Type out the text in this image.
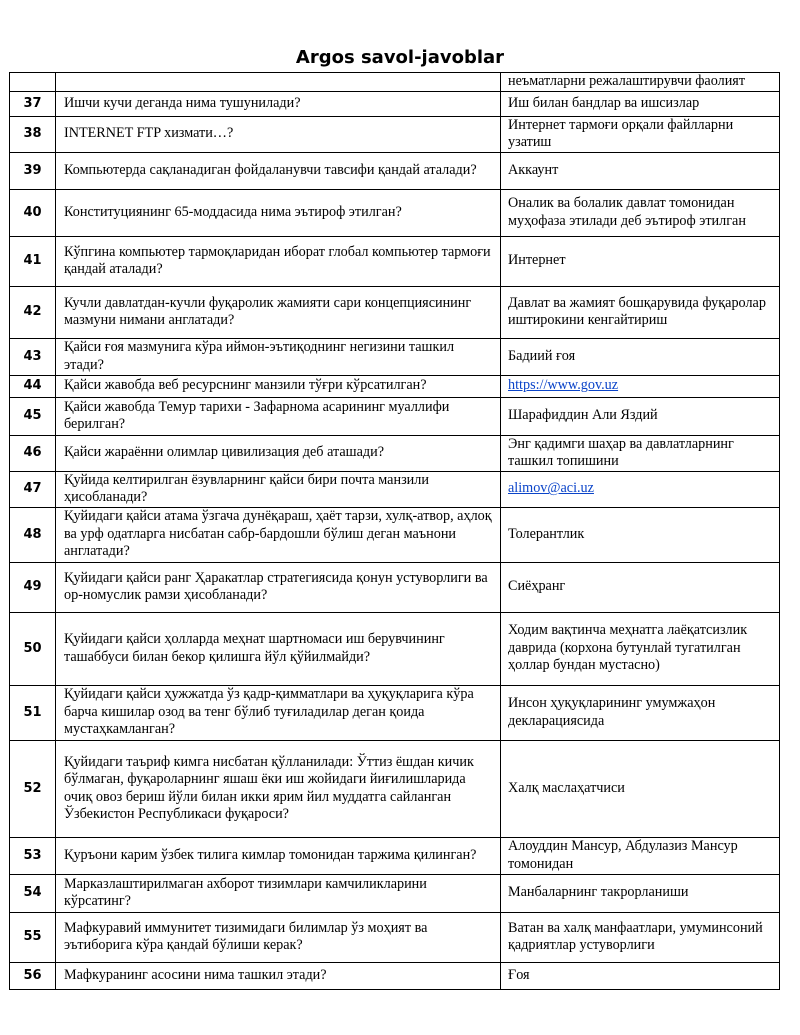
Argos savol-javoblar
		неъматларни режалаштирувчи фаолият
37	Ишчи кучи деганда нима тушунилади?	Иш билан бандлар ва ишсизлар
38	INTERNET FTP хизмати…?	Интернет тармоғи орқали файлларни узатиш
39	Компьютерда сақланадиган фойдаланувчи тавсифи қандай аталади?	Аккаунт
40	Конституциянинг 65-моддасида нима эътироф этилган?	Оналик ва болалик давлат томонидан муҳофаза этилади деб эътироф этилган
41	Кўпгина компьютер тармоқларидан иборат глобал компьютер тармоғи қандай аталади?	Интернет
42	Кучли давлатдан-кучли фуқаролик жамияти сари концепциясининг мазмуни нимани англатади?	Давлат ва жамият бошқарувида фуқаролар иштирокини кенгайтириш
43	Қайси ғоя мазмунига кўра иймон-эътиқоднинг негизини ташкил этади?	Бадиий ғоя
44	Қайси жавобда веб ресурснинг манзили тўғри кўрсатилган?	https://www.gov.uz
45	Қайси жавобда Темур тарихи - Зафарнома асарининг муаллифи берилган?	Шарафиддин Али Яздий
46	Қайси жараённи олимлар цивилизация деб аташади?	Энг қадимги шаҳар ва давлатларнинг ташкил топишини
47	Қуйида келтирилган ёзувларнинг қайси бири почта манзили ҳисобланади?	alimov@aci.uz
48	Қуйидаги қайси атама ўзгача дунёқараш, ҳаёт тарзи, хулқ-атвор, аҳлоқ ва урф одатларга нисбатан сабр-бардошли бўлиш деган маънони англатади?	Толерантлик
49	Қуйидаги қайси ранг Ҳаракатлар стратегиясида қонун устуворлиги ва ор-номуслик рамзи ҳисобланади?	Сиёҳранг
50	Қуйидаги қайси ҳолларда меҳнат шартномаси иш берувчининг ташаббуси билан бекор қилишга йўл қўйилмайди?	Ходим вақтинча меҳнатга лаёқатсизлик даврида (корхона бутунлай тугатилган ҳоллар бундан мустасно)
51	Қуйидаги қайси ҳужжатда ўз қадр-қимматлари ва ҳуқуқларига кўра барча кишилар озод ва тенг бўлиб туғиладилар деган қоида мустаҳкамланган?	Инсон ҳуқуқларининг умумжаҳон декларациясида
52	Қуйидаги таъриф кимга нисбатан қўлланилади: Ўттиз ёшдан кичик бўлмаган, фуқароларнинг яшаш ёки иш жойидаги йиғилишларида очиқ овоз бериш йўли билан икки ярим йил муддатга сайланган Ўзбекистон Республикаси фуқароси?	Халқ маслаҳатчиси
53	Қуръони карим ўзбек тилига кимлар томонидан таржима қилинган?	Алоуддин Мансур, Абдулазиз Мансур томонидан
54	Марказлаштирилмаган ахборот тизимлари камчиликларини кўрсатинг?	Манбаларнинг такрорланиши
55	Мафкуравий иммунитет тизимидаги билимлар ўз моҳият ва эътиборига кўра қандай бўлиши керак?	Ватан ва халқ манфаатлари, умуминсоний қадриятлар устуворлиги
56	Мафкуранинг асосини нима ташкил этади?	Ғоя
